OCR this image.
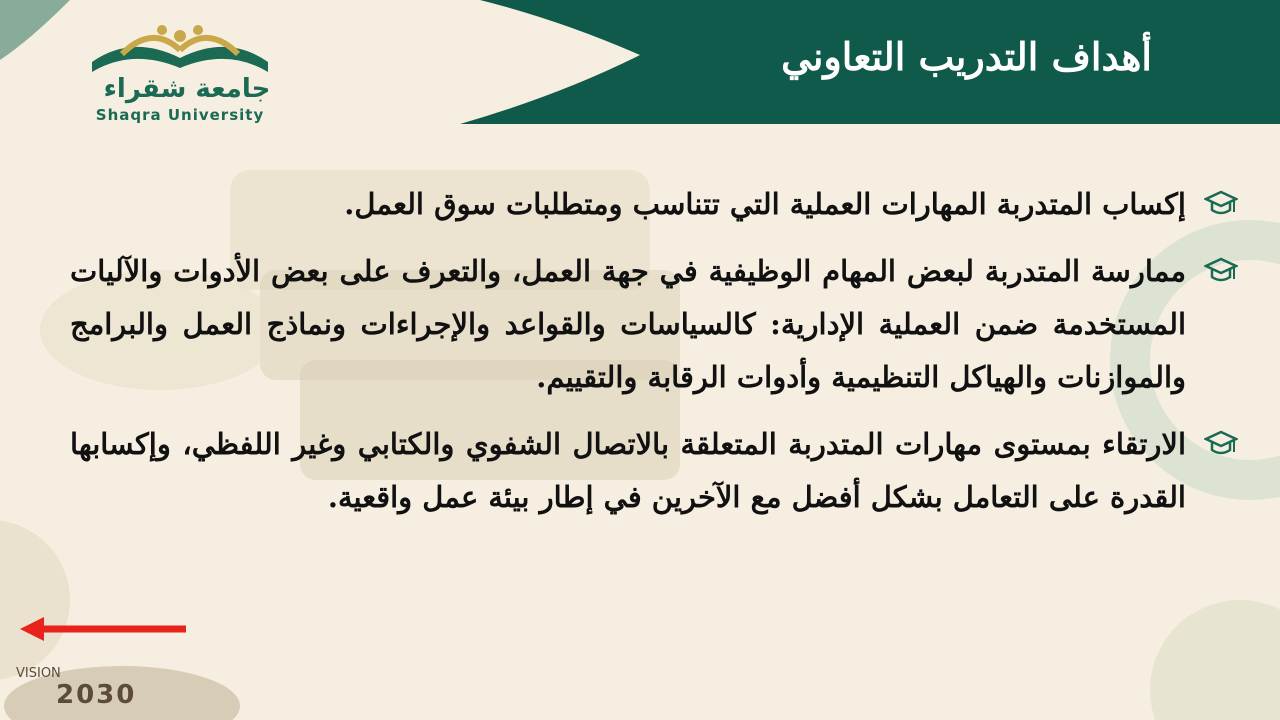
أهداف التدريب التعاوني
جامعة شقراء
Shaqra University
إكساب المتدربة المهارات العملية التي تتناسب ومتطلبات سوق العمل.
ممارسة المتدربة لبعض المهام الوظيفية في جهة العمل، والتعرف على بعض الأدوات والآليات المستخدمة ضمن العملية الإدارية: كالسياسات والقواعد والإجراءات ونماذج العمل والبرامج والموازنات والهياكل التنظيمية وأدوات الرقابة والتقييم.
الارتقاء بمستوى مهارات المتدربة المتعلقة بالاتصال الشفوي والكتابي وغير اللفظي، وإكسابها القدرة على التعامل بشكل أفضل مع الآخرين في إطار بيئة عمل واقعية.
VISION
2030
